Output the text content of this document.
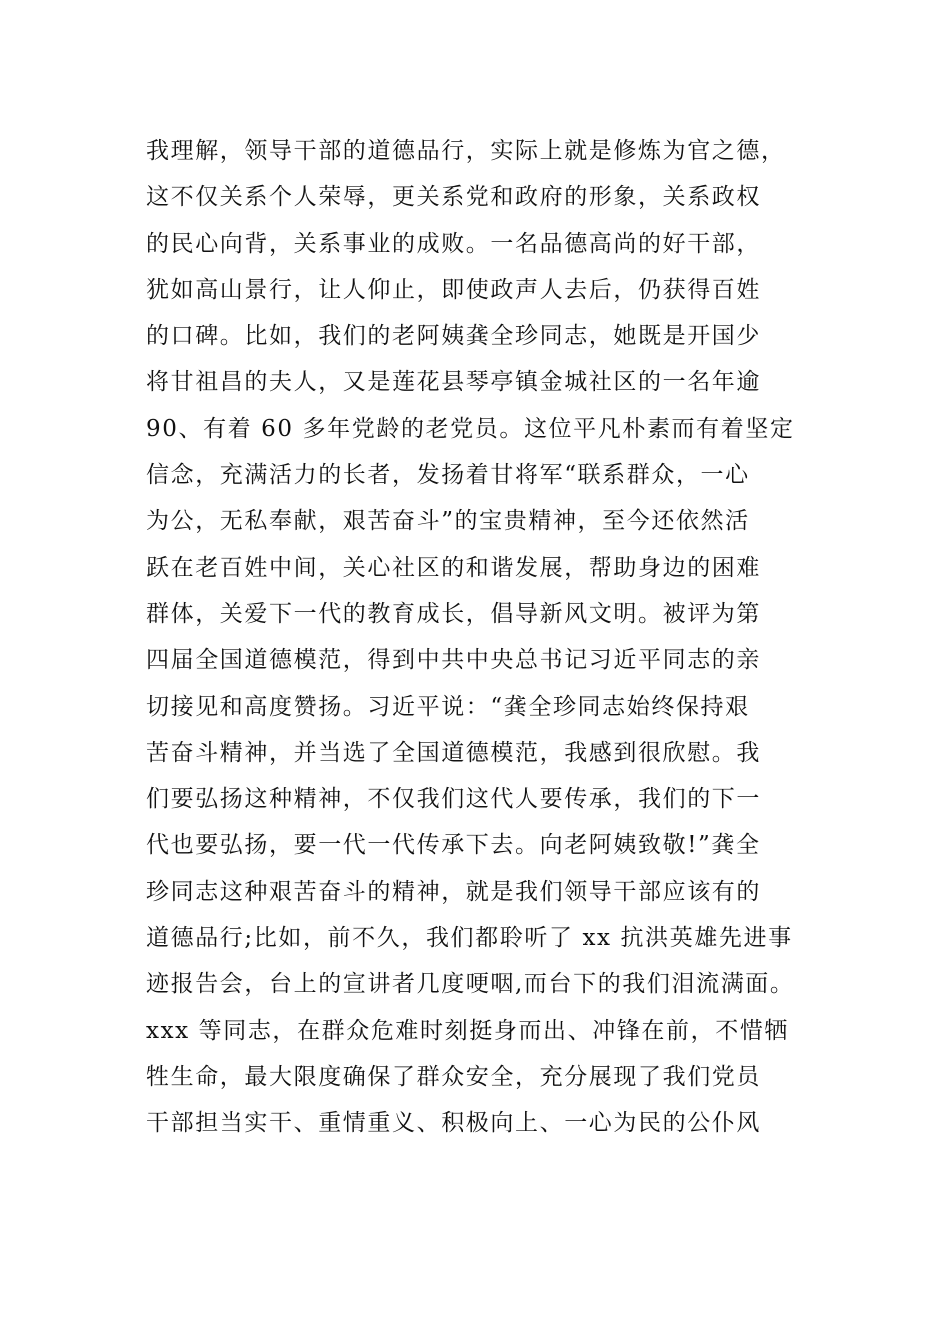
我理解，领导干部的道德品行，实际上就是修炼为官之德，
这不仅关系个人荣辱，更关系党和政府的形象，关系政权
的民心向背，关系事业的成败。一名品德高尚的好干部，
犹如高山景行，让人仰止，即使政声人去后，仍获得百姓
的口碑。比如，我们的老阿姨龚全珍同志，她既是开国少
将甘祖昌的夫人，又是莲花县琴亭镇金城社区的一名年逾
90、有着 60 多年党龄的老党员。这位平凡朴素而有着坚定
信念，充满活力的长者，发扬着甘将军“联系群众，一心
为公，无私奉献，艰苦奋斗”的宝贵精神，至今还依然活
跃在老百姓中间，关心社区的和谐发展，帮助身边的困难
群体，关爱下一代的教育成长，倡导新风文明。被评为第
四届全国道德模范，得到中共中央总书记习近平同志的亲
切接见和高度赞扬。习近平说：“龚全珍同志始终保持艰
苦奋斗精神，并当选了全国道德模范，我感到很欣慰。我
们要弘扬这种精神，不仅我们这代人要传承，我们的下一
代也要弘扬，要一代一代传承下去。向老阿姨致敬!”龚全
珍同志这种艰苦奋斗的精神，就是我们领导干部应该有的
道德品行;比如，前不久，我们都聆听了 xx 抗洪英雄先进事
迹报告会，台上的宣讲者几度哽咽,而台下的我们泪流满面。
xxx 等同志，在群众危难时刻挺身而出、冲锋在前，不惜牺
牲生命，最大限度确保了群众安全，充分展现了我们党员
干部担当实干、重情重义、积极向上、一心为民的公仆风
